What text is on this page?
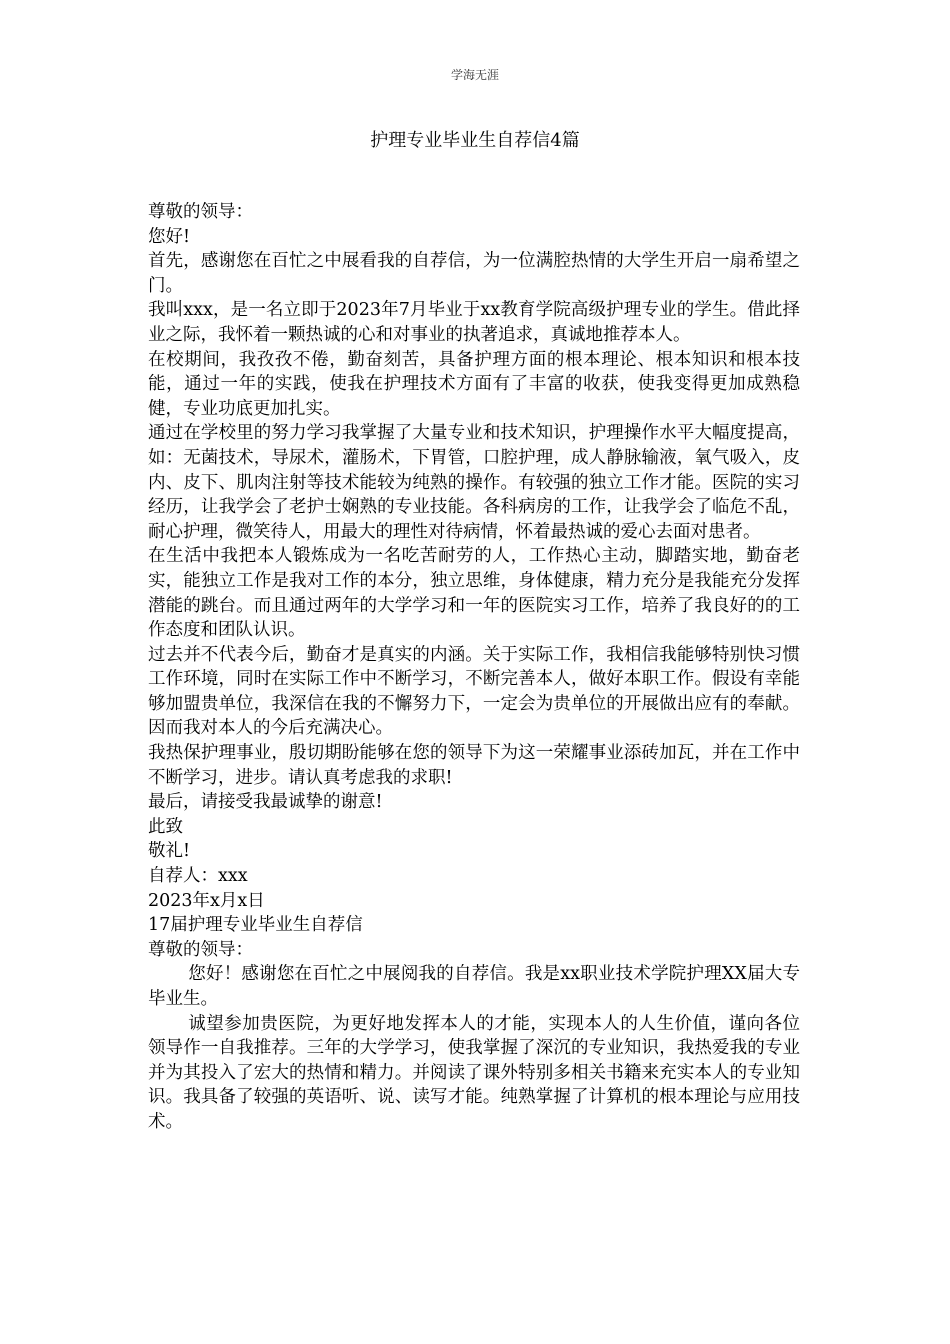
学海无涯
护理专业毕业生自荐信4篇

尊敬的领导：

您好!

首先，感谢您在百忙之中展看我的自荐信，为一位满腔热情的大学生开启一扇希望之门。

我叫xxx，是一名立即于2023年7月毕业于xx教育学院高级护理专业的学生。借此择业之际，我怀着一颗热诚的心和对事业的执著追求，真诚地推荐本人。

在校期间，我孜孜不倦，勤奋刻苦，具备护理方面的根本理论、根本知识和根本技能，通过一年的实践，使我在护理技术方面有了丰富的收获，使我变得更加成熟稳健，专业功底更加扎实。

通过在学校里的努力学习我掌握了大量专业和技术知识，护理操作水平大幅度提高，如：无菌技术，导尿术，灌肠术，下胃管，口腔护理，成人静脉输液，氧气吸入，皮内、皮下、肌肉注射等技术能较为纯熟的操作。有较强的独立工作才能。医院的实习经历，让我学会了老护士娴熟的专业技能。各科病房的工作，让我学会了临危不乱，耐心护理，微笑待人，用最大的理性对待病情，怀着最热诚的爱心去面对患者。

在生活中我把本人锻炼成为一名吃苦耐劳的人，工作热心主动，脚踏实地，勤奋老实，能独立工作是我对工作的本分，独立思维，身体健康，精力充分是我能充分发挥潜能的跳台。而且通过两年的大学学习和一年的医院实习工作，培养了我良好的的工作态度和团队认识。

过去并不代表今后，勤奋才是真实的内涵。关于实际工作，我相信我能够特别快习惯工作环境，同时在实际工作中不断学习，不断完善本人，做好本职工作。假设有幸能够加盟贵单位，我深信在我的不懈努力下，一定会为贵单位的开展做出应有的奉献。因而我对本人的今后充满决心。

我热保护理事业，殷切期盼能够在您的领导下为这一荣耀事业添砖加瓦，并在工作中不断学习，进步。请认真考虑我的求职!

最后，请接受我最诚挚的谢意!

此致

敬礼!

自荐人：xxx

2023年x月x日

17届护理专业毕业生自荐信

尊敬的领导：

您好！感谢您在百忙之中展阅我的自荐信。我是xx职业技术学院护理XX届大专毕业生。

诚望参加贵医院，为更好地发挥本人的才能，实现本人的人生价值，谨向各位领导作一自我推荐。三年的大学学习，使我掌握了深沉的专业知识，我热爱我的专业并为其投入了宏大的热情和精力。并阅读了课外特别多相关书籍来充实本人的专业知识。我具备了较强的英语听、说、读写才能。纯熟掌握了计算机的根本理论与应用技术。
